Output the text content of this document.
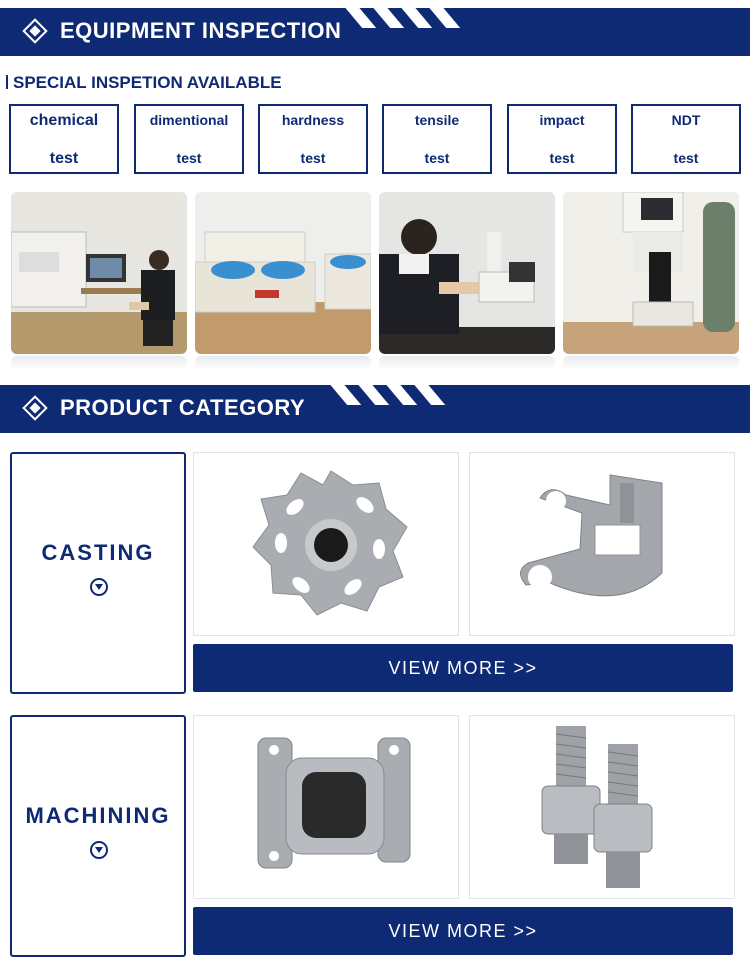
EQUIPMENT INSPECTION
SPECIAL INSPETION AVAILABLE
chemical

test
dimentional

test
hardness

test
tensile

test
impact

test
NDT

test
PRODUCT CATEGORY
CASTING
VIEW MORE >>
MACHINING
VIEW MORE >>
